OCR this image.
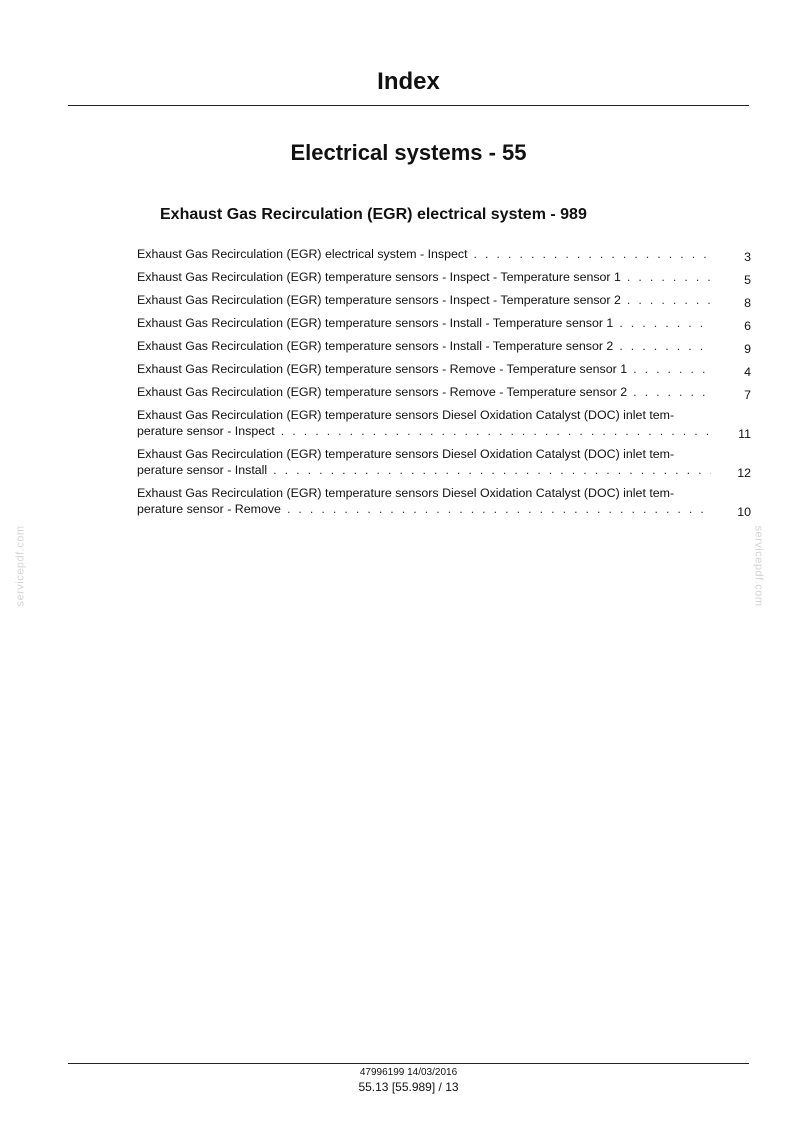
Index
Electrical systems - 55
Exhaust Gas Recirculation (EGR) electrical system - 989
Exhaust Gas Recirculation (EGR) electrical system - Inspect . . .	3
Exhaust Gas Recirculation (EGR) temperature sensors - Inspect - Temperature sensor 1 . . .	5
Exhaust Gas Recirculation (EGR) temperature sensors - Inspect - Temperature sensor 2 . . .	8
Exhaust Gas Recirculation (EGR) temperature sensors - Install - Temperature sensor 1 . . .	6
Exhaust Gas Recirculation (EGR) temperature sensors - Install - Temperature sensor 2 . . .	9
Exhaust Gas Recirculation (EGR) temperature sensors - Remove - Temperature sensor 1 . . .	4
Exhaust Gas Recirculation (EGR) temperature sensors - Remove - Temperature sensor 2 . . .	7
Exhaust Gas Recirculation (EGR) temperature sensors Diesel Oxidation Catalyst (DOC) inlet tem-
perature sensor - Inspect . . .	11
Exhaust Gas Recirculation (EGR) temperature sensors Diesel Oxidation Catalyst (DOC) inlet tem-
perature sensor - Install . . .	12
Exhaust Gas Recirculation (EGR) temperature sensors Diesel Oxidation Catalyst (DOC) inlet tem-
perature sensor - Remove . . .	10
servicepdf.com	servicepdf.com
47996199 14/03/2016
55.13 [55.989] / 13
